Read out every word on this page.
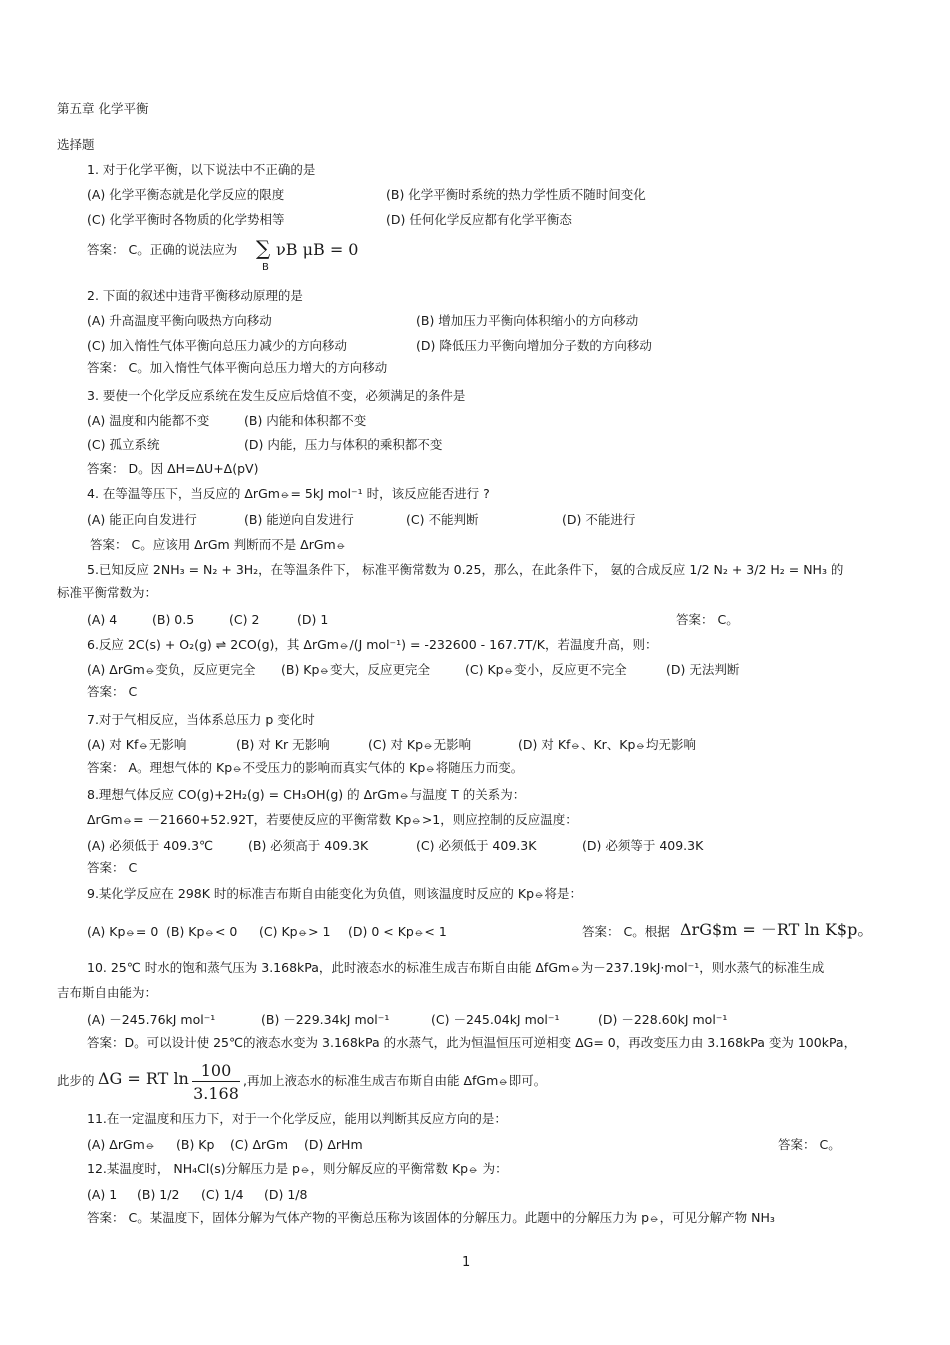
第五章 化学平衡
选择题
1. 对于化学平衡，以下说法中不正确的是
(A) 化学平衡态就是化学反应的限度	(B) 化学平衡时系统的热力学性质不随时间变化
(C) 化学平衡时各物质的化学势相等	(D) 任何化学反应都有化学平衡态
答案： C。正确的说法应为 ∑
B
νB μB = 0
2. 下面的叙述中违背平衡移动原理的是
(A) 升高温度平衡向吸热方向移动	(B) 增加压力平衡向体积缩小的方向移动
(C) 加入惰性气体平衡向总压力减少的方向移动	(D) 降低压力平衡向增加分子数的方向移动
答案： C。加入惰性气体平衡向总压力增大的方向移动
3. 要使一个化学反应系统在发生反应后焓值不变，必须满足的条件是
(A) 温度和内能都不变	(B) 内能和体积都不变
(C) 孤立系统	(D) 内能，压力与体积的乘积都不变
答案： D。因 ΔH=ΔU+Δ(pV)
4. 在等温等压下，当反应的 ΔrGm⦵= 5kJ mol⁻¹ 时，该反应能否进行 ?
(A) 能正向自发进行	(B) 能逆向自发进行	(C) 不能判断	(D) 不能进行
答案： C。应该用 ΔrGm 判断而不是 ΔrGm⦵
5.已知反应 2NH₃ = N₂ + 3H₂，在等温条件下， 标准平衡常数为 0.25，那么，在此条件下， 氨的合成反应 1/2 N₂ + 3/2 H₂ = NH₃ 的
标准平衡常数为：
(A) 4	(B) 0.5	(C) 2	(D) 1	答案： C。
6.反应 2C(s) + O₂(g) ⇌ 2CO(g)，其 ΔrGm⦵/(J mol⁻¹) = -232600 - 167.7T/K，若温度升高，则：
(A) ΔrGm⦵变负，反应更完全 (B) Kp⦵变大，反应更完全	(C) Kp⦵变小，反应更不完全	(D) 无法判断
答案： C
7.对于气相反应，当体系总压力 p 变化时
(A) 对 Kf⦵无影响	(B) 对 Kr 无影响	(C) 对 Kp⦵无影响	(D) 对 Kf⦵、Kr、Kp⦵均无影响
答案： A。理想气体的 Kp⦵不受压力的影响而真实气体的 Kp⦵将随压力而变。
8.理想气体反应 CO(g)+2H₂(g) = CH₃OH(g) 的 ΔrGm⦵与温度 T 的关系为：
ΔrGm⦵= －21660+52.92T，若要使反应的平衡常数 Kp⦵>1，则应控制的反应温度：
(A) 必须低于 409.3℃	(B) 必须高于 409.3K	(C) 必须低于 409.3K	(D) 必须等于 409.3K
答案： C
9.某化学反应在 298K 时的标准吉布斯自由能变化为负值，则该温度时反应的 Kp⦵将是：
(A) Kp⦵= 0 (B) Kp⦵< 0 (C) Kp⦵> 1 (D) 0 < Kp⦵< 1	答案： C。根据 ΔrG$m = －RT ln K$p。
10. 25℃ 时水的饱和蒸气压为 3.168kPa，此时液态水的标准生成吉布斯自由能 ΔfGm⦵为－237.19kJ·mol⁻¹，则水蒸气的标准生成
吉布斯自由能为：
(A) －245.76kJ mol⁻¹	(B) －229.34kJ mol⁻¹	(C) －245.04kJ mol⁻¹	(D) －228.60kJ mol⁻¹
答案：D。可以设计使 25℃的液态水变为 3.168kPa 的水蒸气，此为恒温恒压可逆相变 ΔG= 0，再改变压力由 3.168kPa 变为 100kPa，
此步的 ΔG = RT ln 100
3.168
,再加上液态水的标准生成吉布斯自由能 ΔfGm⦵即可。
11.在一定温度和压力下，对于一个化学反应，能用以判断其反应方向的是：
(A) ΔrGm⦵ (B) Kp (C) ΔrGm (D) ΔrHm	答案： C。
12.某温度时， NH₄Cl(s)分解压力是 p⦵，则分解反应的平衡常数 Kp⦵ 为：
(A) 1 (B) 1/2 (C) 1/4 (D) 1/8
答案： C。某温度下，固体分解为气体产物的平衡总压称为该固体的分解压力。此题中的分解压力为 p⦵，可见分解产物 NH₃
1
